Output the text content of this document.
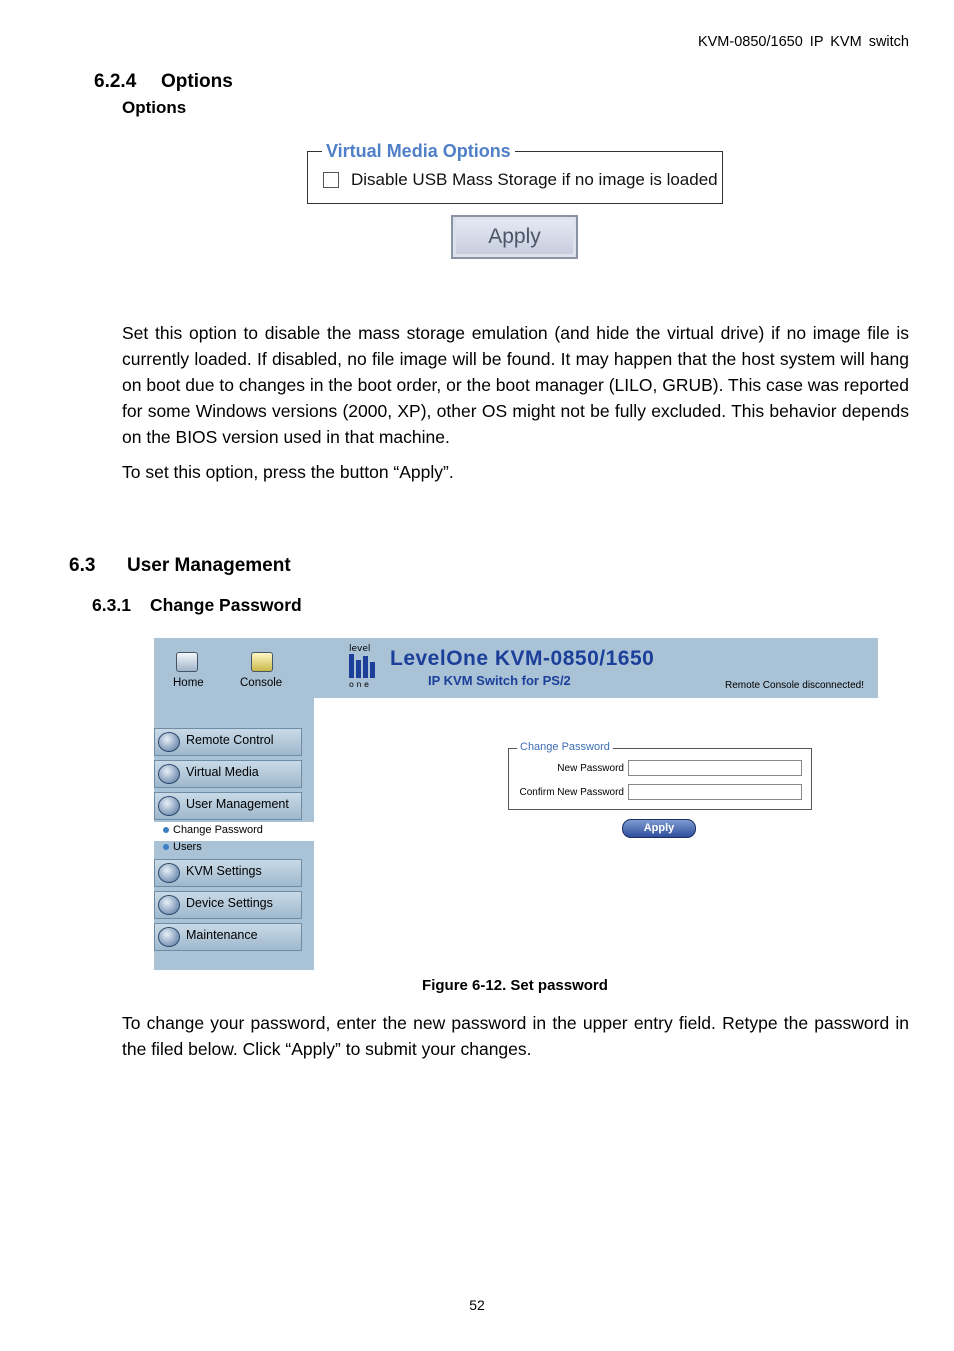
KVM-0850/1650 IP KVM switch
6.2.4 Options
Options
Virtual Media Options
Disable USB Mass Storage if no image is loaded
Apply
Set this option to disable the mass storage emulation (and hide the virtual drive) if no image file is currently loaded. If disabled, no file image will be found. It may happen that the host system will hang on boot due to changes in the boot order, or the boot manager (LILO, GRUB). This case was reported for some Windows versions (2000, XP), other OS might not be fully excluded. This behavior depends on the BIOS version used in that machine.
To set this option, press the button “Apply”.
6.3 User Management
6.3.1 Change Password
Home	Console
level
o n e
LevelOne KVM-0850/1650
IP KVM Switch for PS/2	Remote Console disconnected!
Remote Control
Virtual Media
User Management
Change Password
Users
KVM Settings
Device Settings
Maintenance
Change Password
New Password
Confirm New Password
Apply
Figure 6-12. Set password
To change your password, enter the new password in the upper entry field. Retype the password in the filed below. Click “Apply” to submit your changes.
52
